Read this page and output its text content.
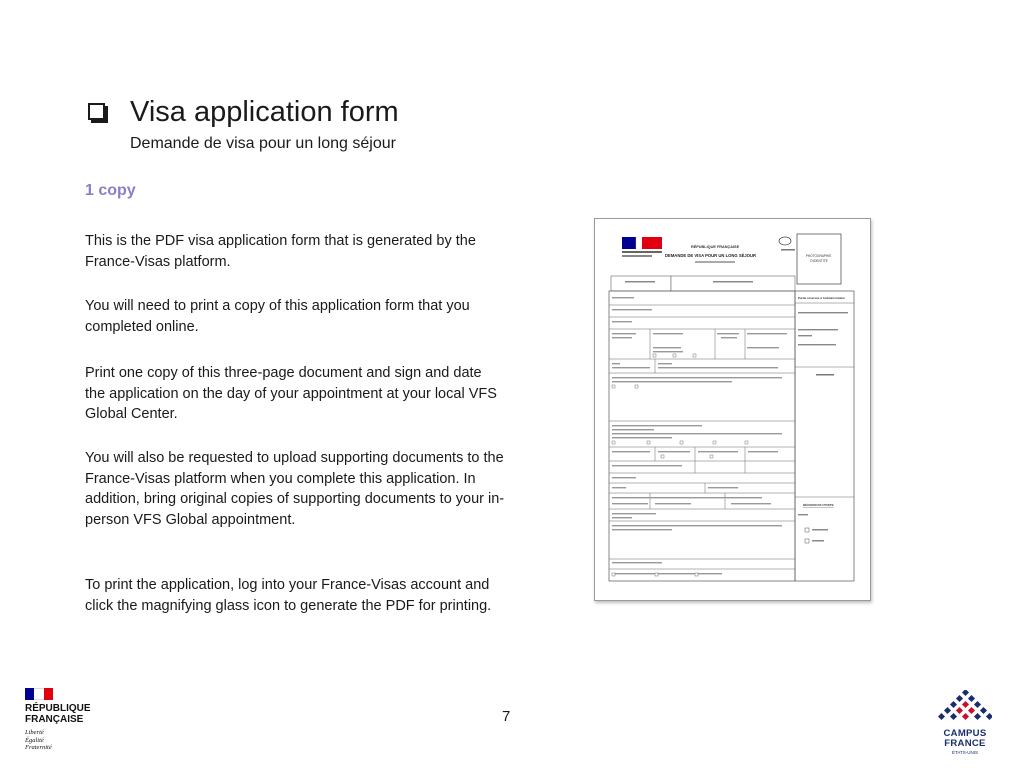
Visa application form
Demande de visa pour un long séjour
1 copy

This is the PDF visa application form that is generated by the France-Visas platform.

You will need to print a copy of this application form that you completed online.

Print one copy of this three-page document and sign and date the application on the day of your appointment at your local VFS Global Center.

You will also be requested to upload supporting documents to the France-Visas platform when you complete this application. In addition, bring original copies of supporting documents to your in-person VFS Global appointment.

To print the application, log into your France-Visas account and click the magnifying glass icon to generate the PDF for printing.

RÉPUBLIQUE FRANÇAISE
DEMANDE DE VISA POUR UN LONG SÉJOUR	PHOTOGRAPHIE D'IDENTITÉ
Partie réservée à l'administration
DÉCISION DU POSTE
7
RÉPUBLIQUE
FRANÇAISE
Liberté
Égalité
Fraternité
CAMPUS
FRANCE
ÉTATS-UNIS
